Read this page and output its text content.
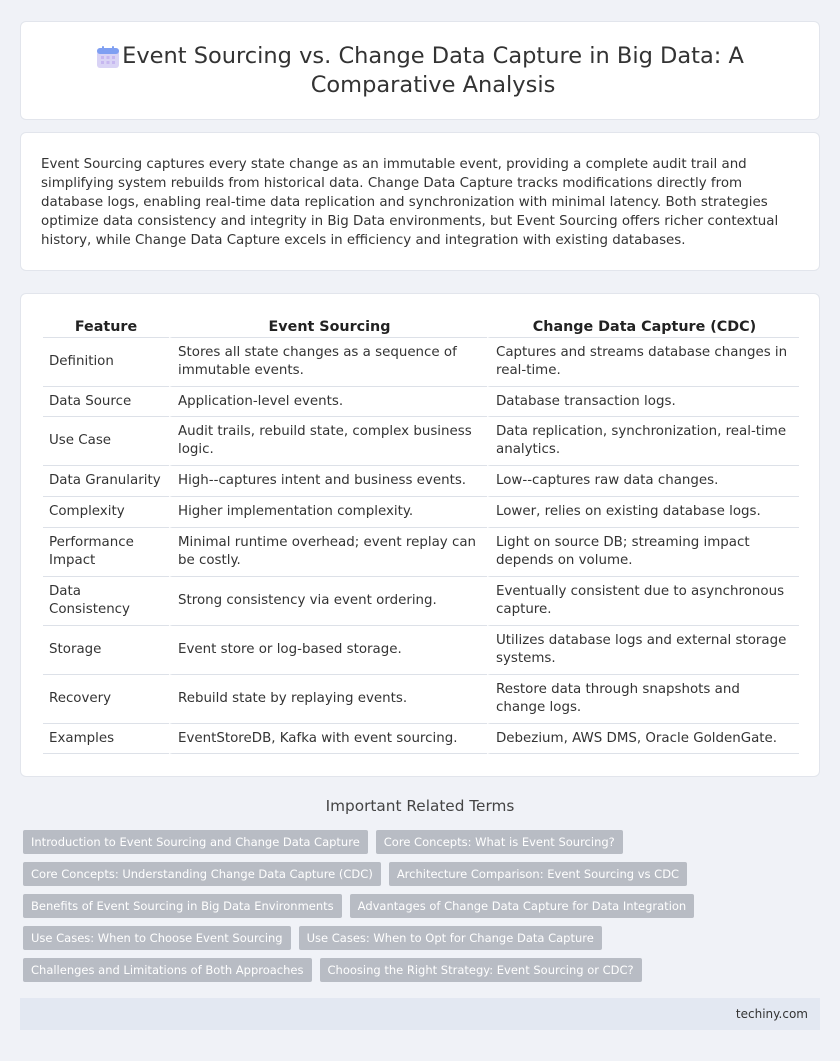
Event Sourcing vs. Change Data Capture in Big Data: A Comparative Analysis

Event Sourcing captures every state change as an immutable event, providing a complete audit trail and simplifying system rebuilds from historical data. Change Data Capture tracks modifications directly from database logs, enabling real-time data replication and synchronization with minimal latency. Both strategies optimize data consistency and integrity in Big Data environments, but Event Sourcing offers richer contextual history, while Change Data Capture excels in efficiency and integration with existing databases.

Feature	Event Sourcing	Change Data Capture (CDC)
Definition	Stores all state changes as a sequence of immutable events.	Captures and streams database changes in real-time.
Data Source	Application-level events.	Database transaction logs.
Use Case	Audit trails, rebuild state, complex business logic.	Data replication, synchronization, real-time analytics.
Data Granularity	High--captures intent and business events.	Low--captures raw data changes.
Complexity	Higher implementation complexity.	Lower, relies on existing database logs.
Performance Impact	Minimal runtime overhead; event replay can be costly.	Light on source DB; streaming impact depends on volume.
Data Consistency	Strong consistency via event ordering.	Eventually consistent due to asynchronous capture.
Storage	Event store or log-based storage.	Utilizes database logs and external storage systems.
Recovery	Rebuild state by replaying events.	Restore data through snapshots and change logs.
Examples	EventStoreDB, Kafka with event sourcing.	Debezium, AWS DMS, Oracle GoldenGate.
Important Related Terms
Introduction to Event Sourcing and Change Data Capture	Core Concepts: What is Event Sourcing?
Core Concepts: Understanding Change Data Capture (CDC)	Architecture Comparison: Event Sourcing vs CDC
Benefits of Event Sourcing in Big Data Environments	Advantages of Change Data Capture for Data Integration
Use Cases: When to Choose Event Sourcing	Use Cases: When to Opt for Change Data Capture
Challenges and Limitations of Both Approaches	Choosing the Right Strategy: Event Sourcing or CDC?
techiny.com
